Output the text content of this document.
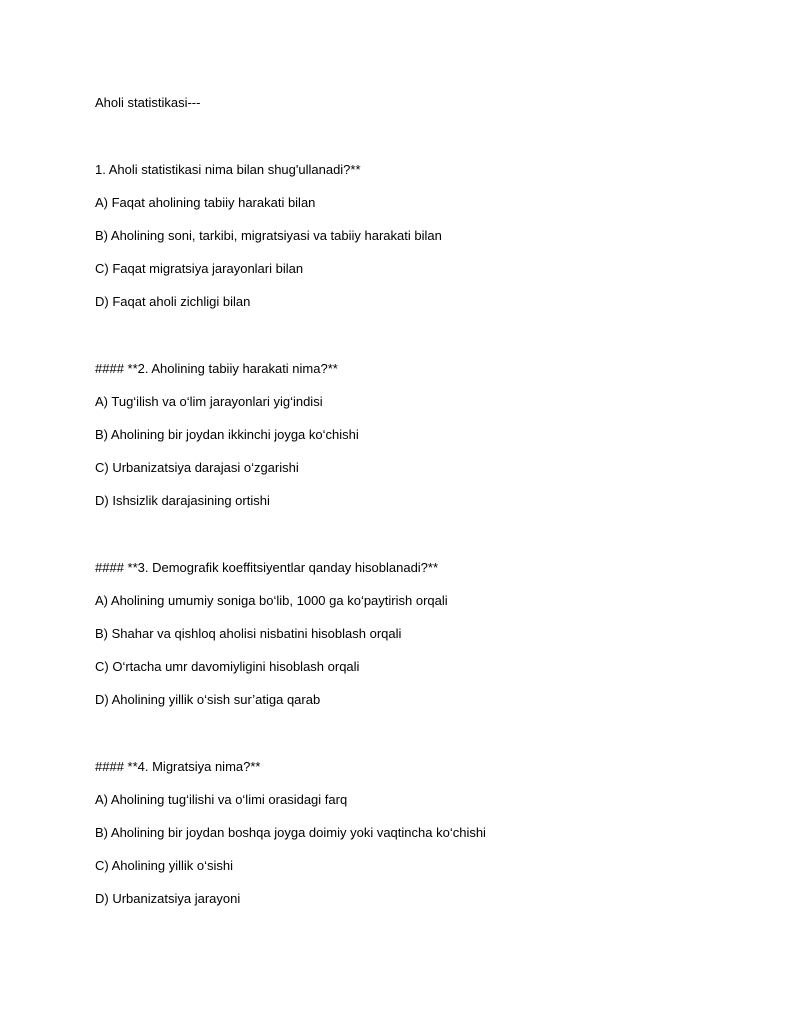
Aholi statistikasi---

1. Aholi statistikasi nima bilan shug'ullanadi?**

A) Faqat aholining tabiiy harakati bilan

B) Aholining soni, tarkibi, migratsiyasi va tabiiy harakati bilan

C) Faqat migratsiya jarayonlari bilan

D) Faqat aholi zichligi bilan

#### **2. Aholining tabiiy harakati nima?**

A) Tug‘ilish va o‘lim jarayonlari yig‘indisi

B) Aholining bir joydan ikkinchi joyga ko‘chishi

C) Urbanizatsiya darajasi o‘zgarishi

D) Ishsizlik darajasining ortishi

#### **3. Demografik koeffitsiyentlar qanday hisoblanadi?**

A) Aholining umumiy soniga bo‘lib, 1000 ga ko‘paytirish orqali

B) Shahar va qishloq aholisi nisbatini hisoblash orqali

C) O‘rtacha umr davomiyligini hisoblash orqali

D) Aholining yillik o‘sish sur’atiga qarab

#### **4. Migratsiya nima?**

A) Aholining tug‘ilishi va o‘limi orasidagi farq

B) Aholining bir joydan boshqa joyga doimiy yoki vaqtincha ko‘chishi

C) Aholining yillik o‘sishi

D) Urbanizatsiya jarayoni
